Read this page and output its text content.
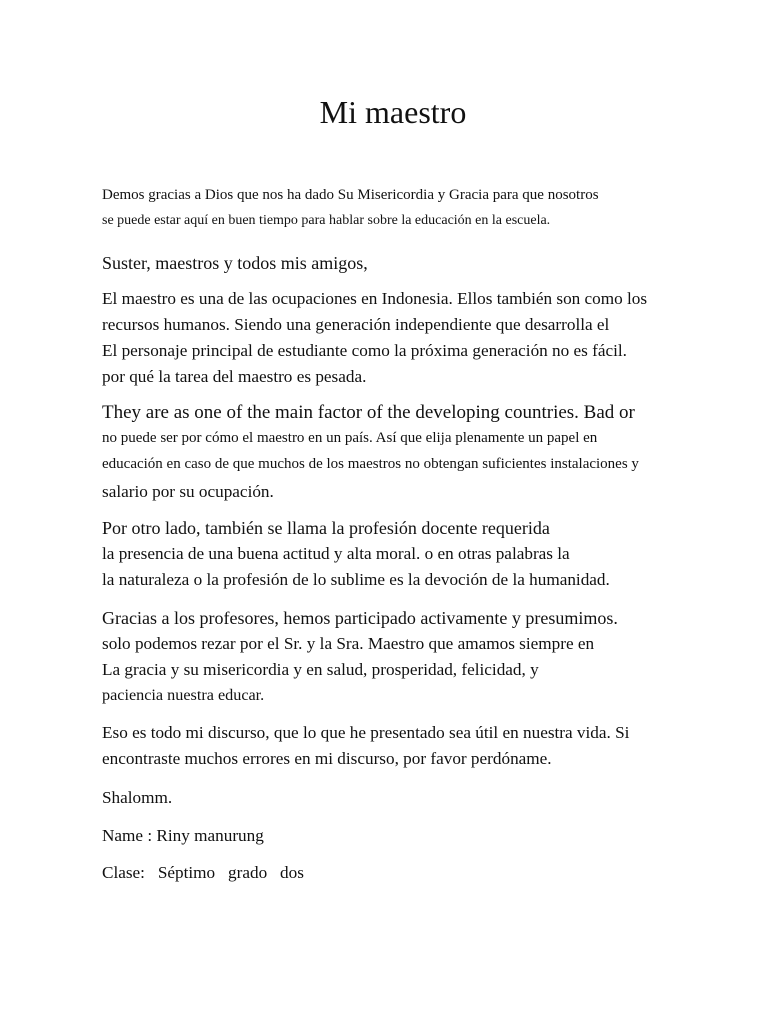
Mi maestro

Demos gracias a Dios que nos ha dado Su Misericordia y Gracia para que nosotros

se puede estar aquí en buen tiempo para hablar sobre la educación en la escuela.

Suster, maestros y todos mis amigos,

El maestro es una de las ocupaciones en Indonesia. Ellos también son como los

recursos humanos. Siendo una generación independiente que desarrolla el

El personaje principal de estudiante como la próxima generación no es fácil.

por qué la tarea del maestro es pesada.

They are as one of the main factor of the developing countries. Bad or

no puede ser por cómo el maestro en un país. Así que elija plenamente un papel en

educación en caso de que muchos de los maestros no obtengan suficientes instalaciones y

salario por su ocupación.

Por otro lado, también se llama la profesión docente requerida

la presencia de una buena actitud y alta moral. o en otras palabras la

la naturaleza o la profesión de lo sublime es la devoción de la humanidad.

Gracias a los profesores, hemos participado activamente y presumimos.

solo podemos rezar por el Sr. y la Sra. Maestro que amamos siempre en

La gracia y su misericordia y en salud, prosperidad, felicidad, y

paciencia nuestra educar.

Eso es todo mi discurso, que lo que he presentado sea útil en nuestra vida. Si

encontraste muchos errores en mi discurso, por favor perdóname.

Shalomm.

Name : Riny manurung

Clase:   Séptimo   grado   dos
